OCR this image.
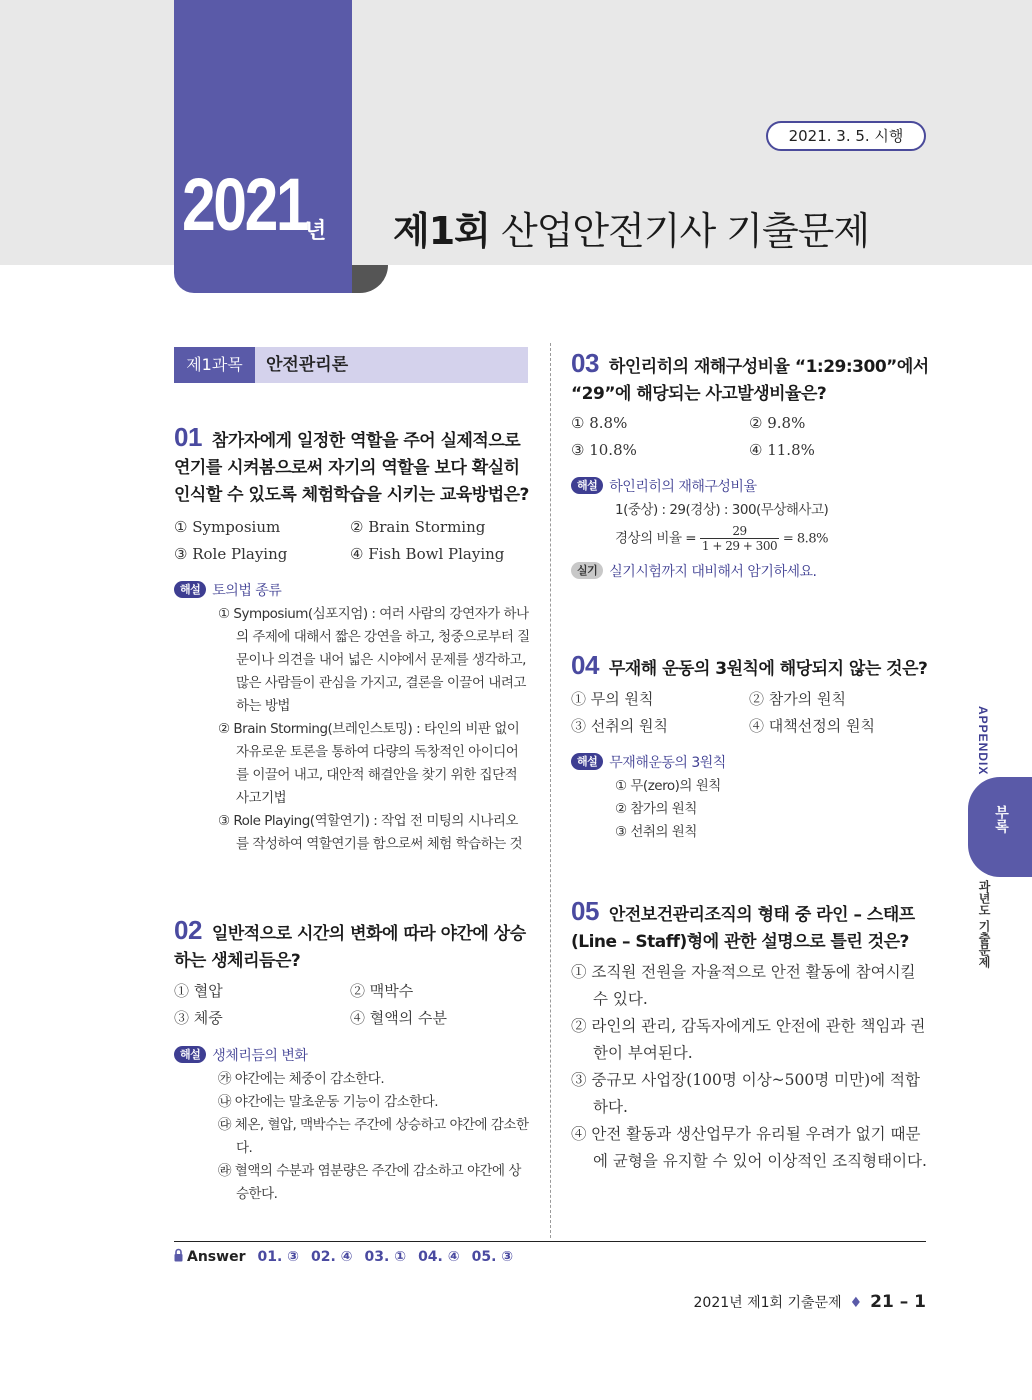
2021
년
2021. 3. 5. 시행
제1회 산업안전기사 기출문제
제1과목	안전관리론
01 참가자에게 일정한 역할을 주어 실제적으로 연기를 시켜봄으로써 자기의 역할을 보다 확실히 인식할 수 있도록 체험학습을 시키는 교육방법은?
① Symposium	② Brain Storming
③ Role Playing	④ Fish Bowl Playing
해설 토의법 종류
① Symposium(심포지엄) : 여러 사람의 강연자가 하나의 주제에 대해서 짧은 강연을 하고, 청중으로부터 질문이나 의견을 내어 넓은 시야에서 문제를 생각하고, 많은 사람들이 관심을 가지고, 결론을 이끌어 내려고 하는 방법
② Brain Storming(브레인스토밍) : 타인의 비판 없이 자유로운 토론을 통하여 다량의 독창적인 아이디어를 이끌어 내고, 대안적 해결안을 찾기 위한 집단적 사고기법
③ Role Playing(역할연기) : 작업 전 미팅의 시나리오를 작성하여 역할연기를 함으로써 체험 학습하는 것
02 일반적으로 시간의 변화에 따라 야간에 상승하는 생체리듬은?
① 혈압	② 맥박수
③ 체중	④ 혈액의 수분
해설 생체리듬의 변화
㉮ 야간에는 체중이 감소한다.
㉯ 야간에는 말초운동 기능이 감소한다.
㉰ 체온, 혈압, 맥박수는 주간에 상승하고 야간에 감소한다.
㉱ 혈액의 수분과 염분량은 주간에 감소하고 야간에 상승한다.
03 하인리히의 재해구성비율 “1:29:300”에서 “29”에 해당되는 사고발생비율은?
① 8.8%	② 9.8%
③ 10.8%	④ 11.8%
해설 하인리히의 재해구성비율
1(중상) : 29(경상) : 300(무상해사고)
경상의 비율 = $\frac{29}{1 + 29 + 300} = 8.8\%$
실기 실기시험까지 대비해서 암기하세요.
04 무재해 운동의 3원칙에 해당되지 않는 것은?
① 무의 원칙	② 참가의 원칙
③ 선취의 원칙	④ 대책선정의 원칙
해설 무재해운동의 3원칙
① 무(zero)의 원칙
② 참가의 원칙
③ 선취의 원칙
05 안전보건관리조직의 형태 중 라인 – 스태프(Line – Staff)형에 관한 설명으로 틀린 것은?
① 조직원 전원을 자율적으로 안전 활동에 참여시킬 수 있다.
② 라인의 관리, 감독자에게도 안전에 관한 책임과 권한이 부여된다.
③ 중규모 사업장(100명 이상~500명 미만)에 적합하다.
④ 안전 활동과 생산업무가 유리될 우려가 없기 때문에 균형을 유지할 수 있어 이상적인 조직형태이다.
Answer 01. ③ 02. ④ 03. ① 04. ④ 05. ③
APPENDIX
부록
과년도 기출문제
2021년 제1회 기출문제 ♦ 21 – 1
